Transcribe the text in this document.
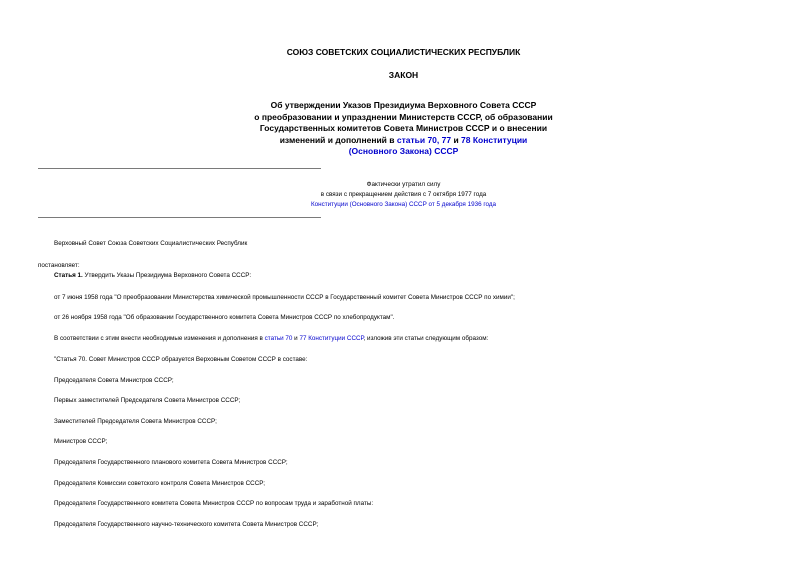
СОЮЗ СОВЕТСКИХ СОЦИАЛИСТИЧЕСКИХ РЕСПУБЛИК
ЗАКОН
Об утверждении Указов Президиума Верховного Совета СССР
о преобразовании и упразднении Министерств СССР, об образовании
Государственных комитетов Совета Министров СССР и о внесении
изменений и дополнений в статьи 70, 77 и 78 Конституции
(Основного Закона) СССР
Фактически утратил силу
в связи с прекращением действия с 7 октября 1977 года
Конституции (Основного Закона) СССР от 5 декабря 1936 года
Верховный Совет Союза Советских Социалистических Республик
постановляет:
Статья 1. Утвердить Указы Президиума Верховного Совета СССР:
от 7 июня 1958 года "О преобразовании Министерства химической промышленности СССР в Государственный комитет Совета Министров СССР по химии";
от 26 ноября 1958 года "Об образовании Государственного комитета Совета Министров СССР по хлебопродуктам".
В соответствии с этим внести необходимые изменения и дополнения в статьи 70 и 77 Конституции СССР, изложив эти статьи следующим образом:
"Статья 70. Совет Министров СССР образуется Верховным Советом СССР в составе:
Председателя Совета Министров СССР;
Первых заместителей Председателя Совета Министров СССР;
Заместителей Председателя Совета Министров СССР;
Министров СССР;
Председателя Государственного планового комитета Совета Министров СССР;
Председателя Комиссии советского контроля Совета Министров СССР;
Председателя Государственного комитета Совета Министров СССР по вопросам труда и заработной платы:
Председателя Государственного научно-технического комитета Совета Министров СССР;
